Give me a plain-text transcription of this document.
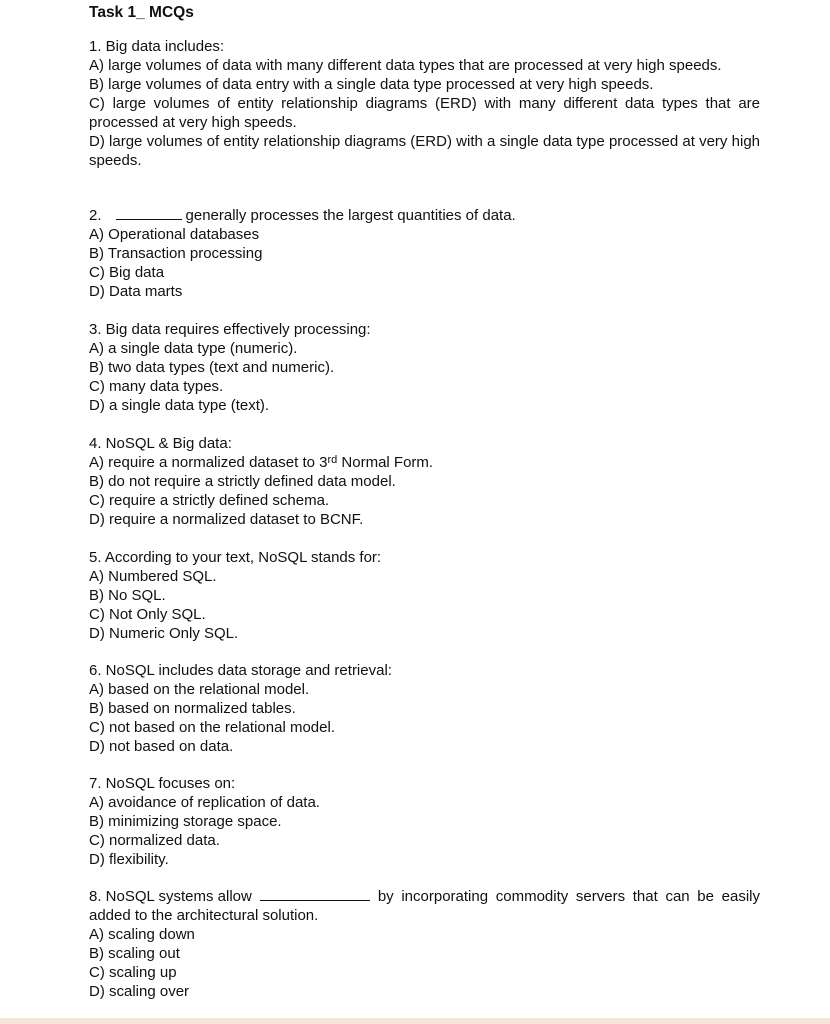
Task 1_ MCQs
1. Big data includes:
A) large volumes of data with many different data types that are processed at very high speeds.
B) large volumes of data entry with a single data type processed at very high speeds.
C) large volumes of entity relationship diagrams (ERD) with many different data types that are processed at very high speeds.
D) large volumes of entity relationship diagrams (ERD) with a single data type processed at very high speeds.
2.	generally processes the largest quantities of data.
A) Operational databases
B) Transaction processing
C) Big data
D) Data marts
3. Big data requires effectively processing:
A) a single data type (numeric).
B) two data types (text and numeric).
C) many data types.
D) a single data type (text).
4. NoSQL & Big data:
A) require a normalized dataset to 3rd Normal Form.
B) do not require a strictly defined data model.
C) require a strictly defined schema.
D) require a normalized dataset to BCNF.
5. According to your text, NoSQL stands for:
A) Numbered SQL.
B) No SQL.
C) Not Only SQL.
D) Numeric Only SQL.
6. NoSQL includes data storage and retrieval:
A) based on the relational model.
B) based on normalized tables.
C) not based on the relational model.
D) not based on data.
7. NoSQL focuses on:
A) avoidance of replication of data.
B) minimizing storage space.
C) normalized data.
D) flexibility.
8. NoSQL systems allow	by incorporating commodity servers that can be easily
added to the architectural solution.
A) scaling down
B) scaling out
C) scaling up
D) scaling over
